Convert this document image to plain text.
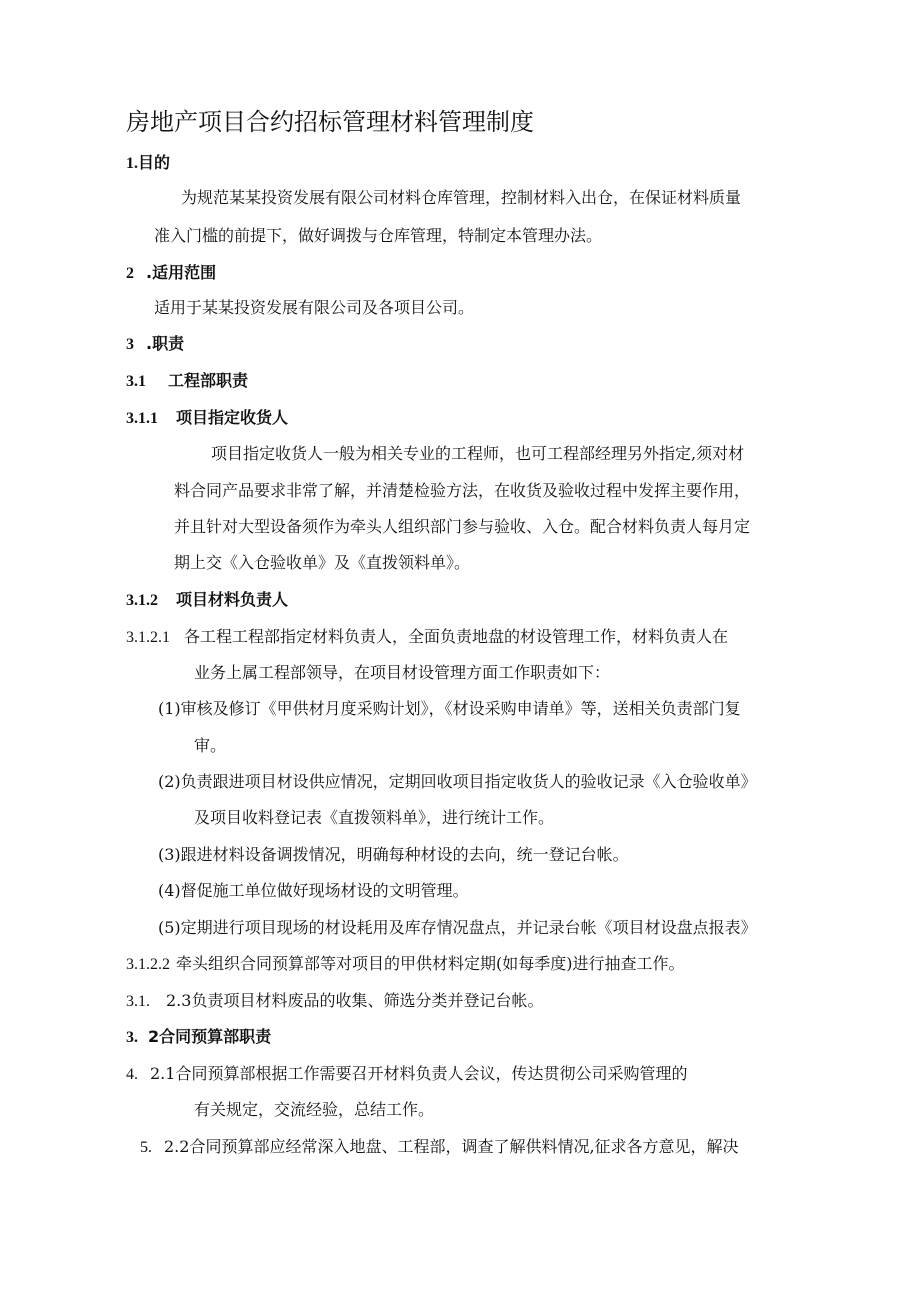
房地产项目合约招标管理材料管理制度
1.目的
为规范某某投资发展有限公司材料仓库管理，控制材料入出仓，在保证材料质量
准入门槛的前提下，做好调拨与仓库管理，特制定本管理办法。
2 .适用范围
适用于某某投资发展有限公司及各项目公司。
3 .职责
3.1 工程部职责
3.1.1 项目指定收货人
项目指定收货人一般为相关专业的工程师，也可工程部经理另外指定,须对材
料合同产品要求非常了解，并清楚检验方法，在收货及验收过程中发挥主要作用，
并且针对大型设备须作为牵头人组织部门参与验收、入仓。配合材料负责人每月定
期上交《入仓验收单》及《直拨领料单》。
3.1.2 项目材料负责人
3.1.2.1 各工程工程部指定材料负责人，全面负责地盘的材设管理工作，材料负责人在
业务上属工程部领导，在项目材设管理方面工作职责如下：
(1)审核及修订《甲供材月度采购计划》，《材设采购申请单》等，送相关负责部门复
审。
(2)负责跟进项目材设供应情况，定期回收项目指定收货人的验收记录《入仓验收单》
及项目收料登记表《直拨领料单》，进行统计工作。
(3)跟进材料设备调拨情况，明确每种材设的去向，统一登记台帐。
(4)督促施工单位做好现场材设的文明管理。
(5)定期进行项目现场的材设耗用及库存情况盘点，并记录台帐《项目材设盘点报表》
3.1.2.2 牵头组织合同预算部等对项目的甲供材料定期(如每季度)进行抽查工作。
3.1. 2.3负责项目材料废品的收集、筛选分类并登记台帐。
3. 2合同预算部职责
4. 2.1合同预算部根据工作需要召开材料负责人会议，传达贯彻公司采购管理的
有关规定，交流经验，总结工作。
5. 2.2合同预算部应经常深入地盘、工程部，调查了解供料情况,征求各方意见，解决
